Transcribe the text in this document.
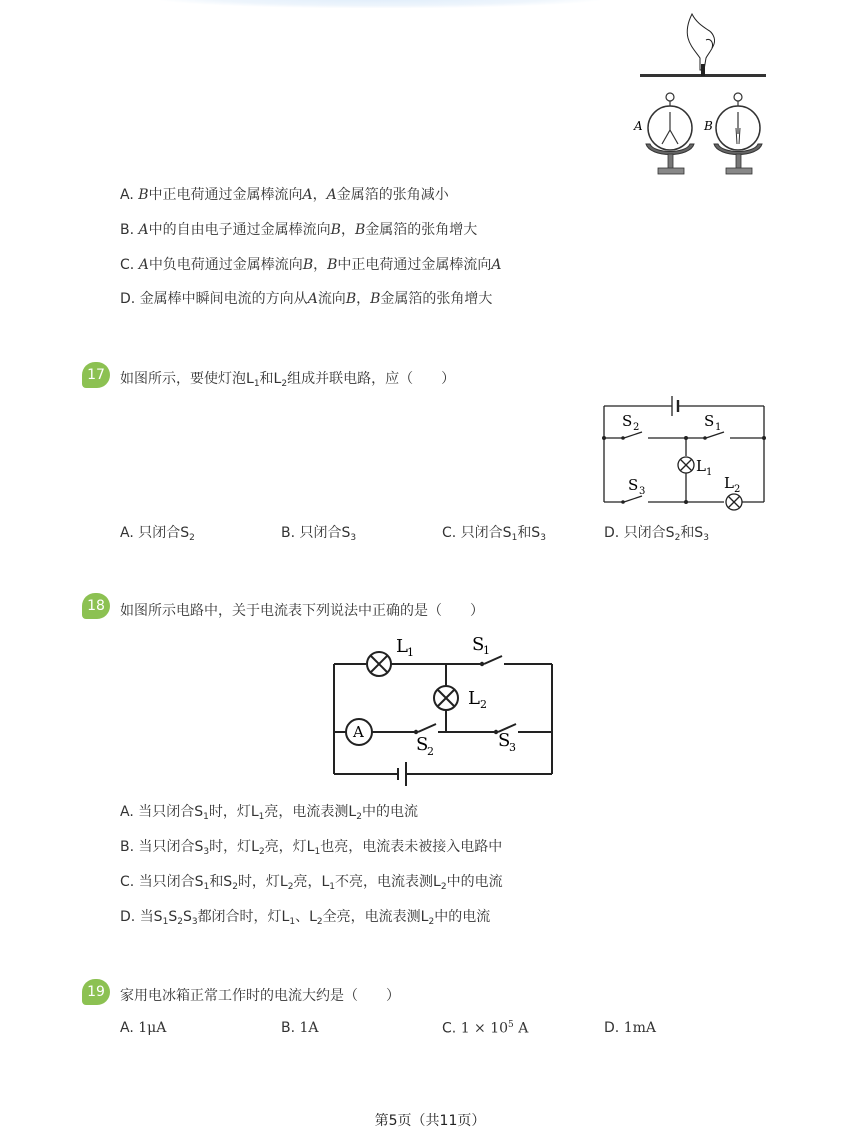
A	B
A. B中正电荷通过金属棒流向A，A金属箔的张角减小
B. A中的自由电子通过金属棒流向B，B金属箔的张角增大
C. A中负电荷通过金属棒流向B，B中正电荷通过金属棒流向A
D. 金属棒中瞬间电流的方向从A流向B，B金属箔的张角增大
17	如图所示，要使灯泡$L_1$和$L_2$组成并联电路，应（　　）
S 2	S 1
L 1
S 3	L 2
A. 只闭合$S_2$	B. 只闭合$S_3$	C. 只闭合$S_1$和$S_3$	D. 只闭合$S_2$和$S_3$
18	如图所示电路中，关于电流表下列说法中正确的是（　　）
A
L 1	S
1
L 2
S
2
S
3
A. 当只闭合$S_1$时，灯$L_1$亮，电流表测$L_2$中的电流
B. 当只闭合$S_3$时，灯$L_2$亮，灯$L_1$也亮，电流表未被接入电路中
C. 当只闭合$S_1$和$S_2$时，灯$L_2$亮，$L_1$不亮，电流表测$L_2$中的电流
D. 当$S_1S_2S_3$都闭合时，灯$L_1$、$L_2$全亮，电流表测$L_2$中的电流
19	家用电冰箱正常工作时的电流大约是（　　）
A. 1μA	B. 1A	C. $1 \times 10^5$ A	D. 1mA
第5页（共11页）
